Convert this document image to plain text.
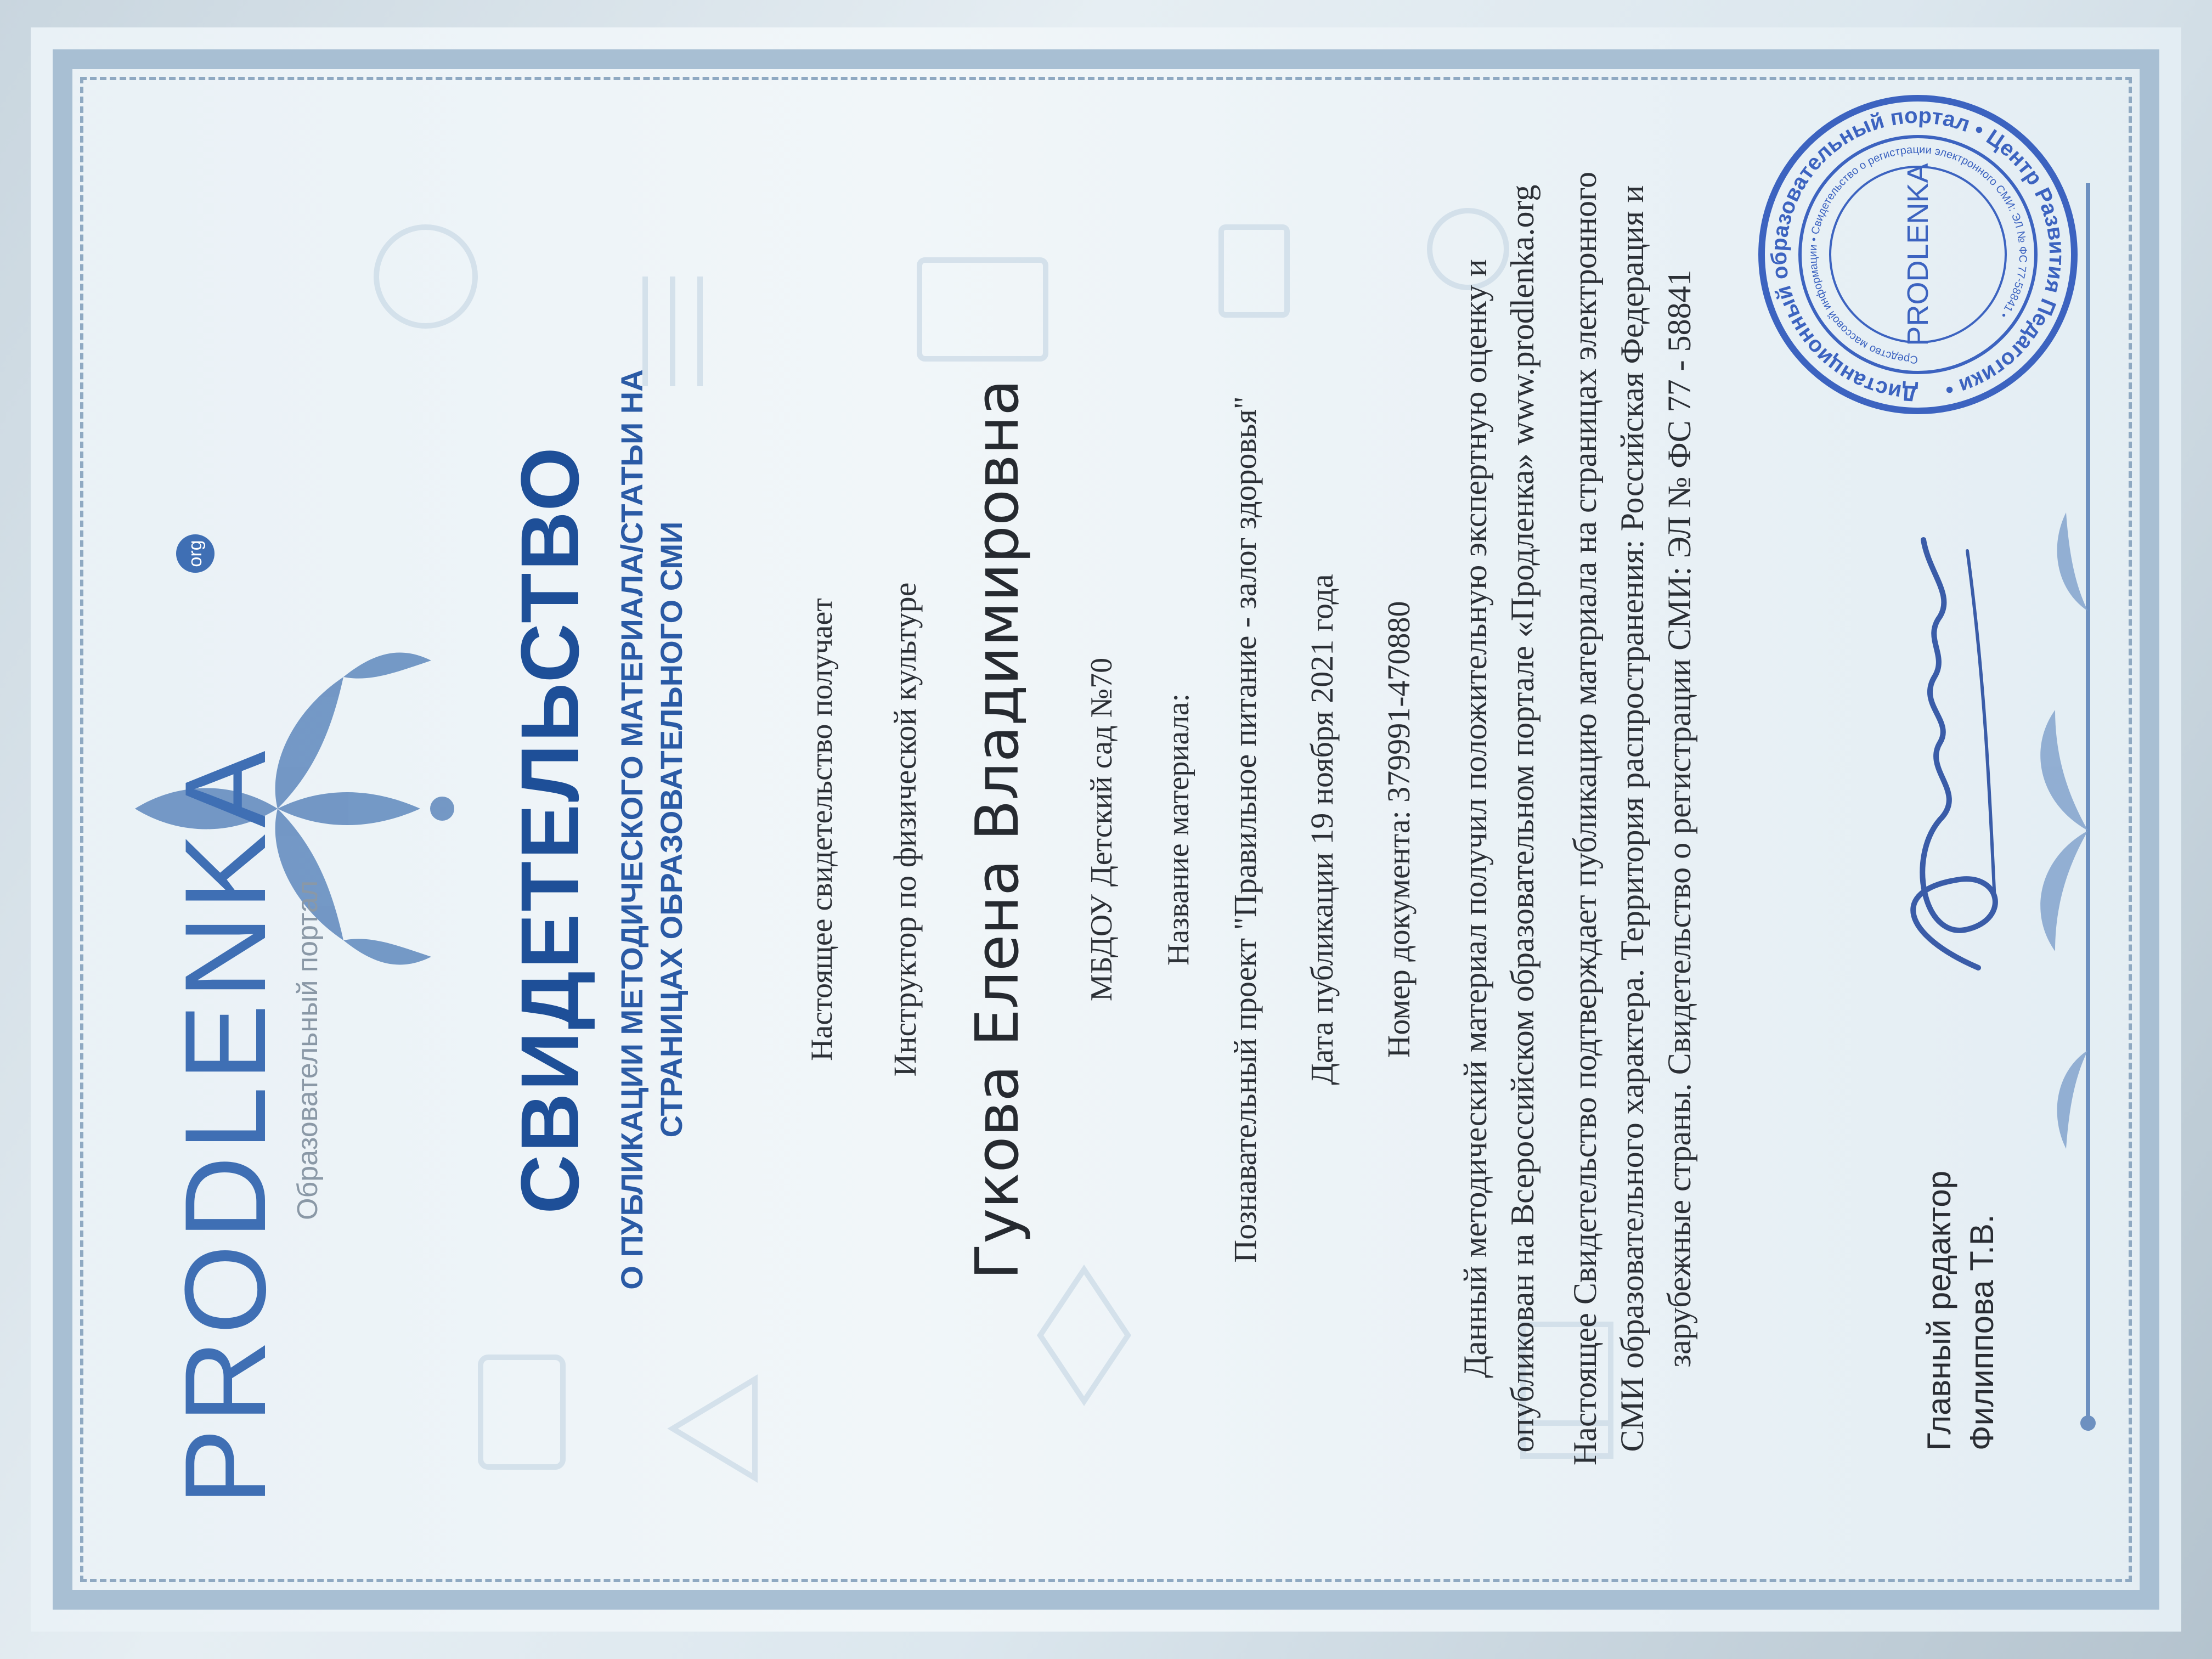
PRODLENKA
org
Образовательный портал СВИДЕТЕЛЬСТВО О ПУБЛИКАЦИИ МЕТОДИЧЕСКОГО МАТЕРИАЛА/СТАТЬИ НА СТРАНИЦАХ ОБРАЗОВАТЕЛЬНОГО СМИ	Настоящее свидетельство получает Инструктор по физической культуре Гукова Елена Владимировна МБДОУ Детский сад №70 Название материала: Познавательный проект "Правильное питание - залог здоровья" Дата публикации 19 ноября 2021 года Номер документа: 379991-470880 Данный методический материал получил положительную экспертную оценку и опубликован на Всероссийском образовательном портале «Продленка» www.prodlenka.org Настоящее Свидетельство подтверждает публикацию материала на страницах электронного СМИ образовательного характера. Территория распространения: Российская Федерация и зарубежные страны. Свидетельство о регистрации СМИ: ЭЛ № ФС 77 - 58841	Главный редактор Филиппова Т.В.
Дистанционный образовательный портал • Центр Развития Педагогики •
Средство массовой информации • Свидетельство о регистрации электронного СМИ: ЭЛ № ФС 77-58841 •
PRODLENKA
